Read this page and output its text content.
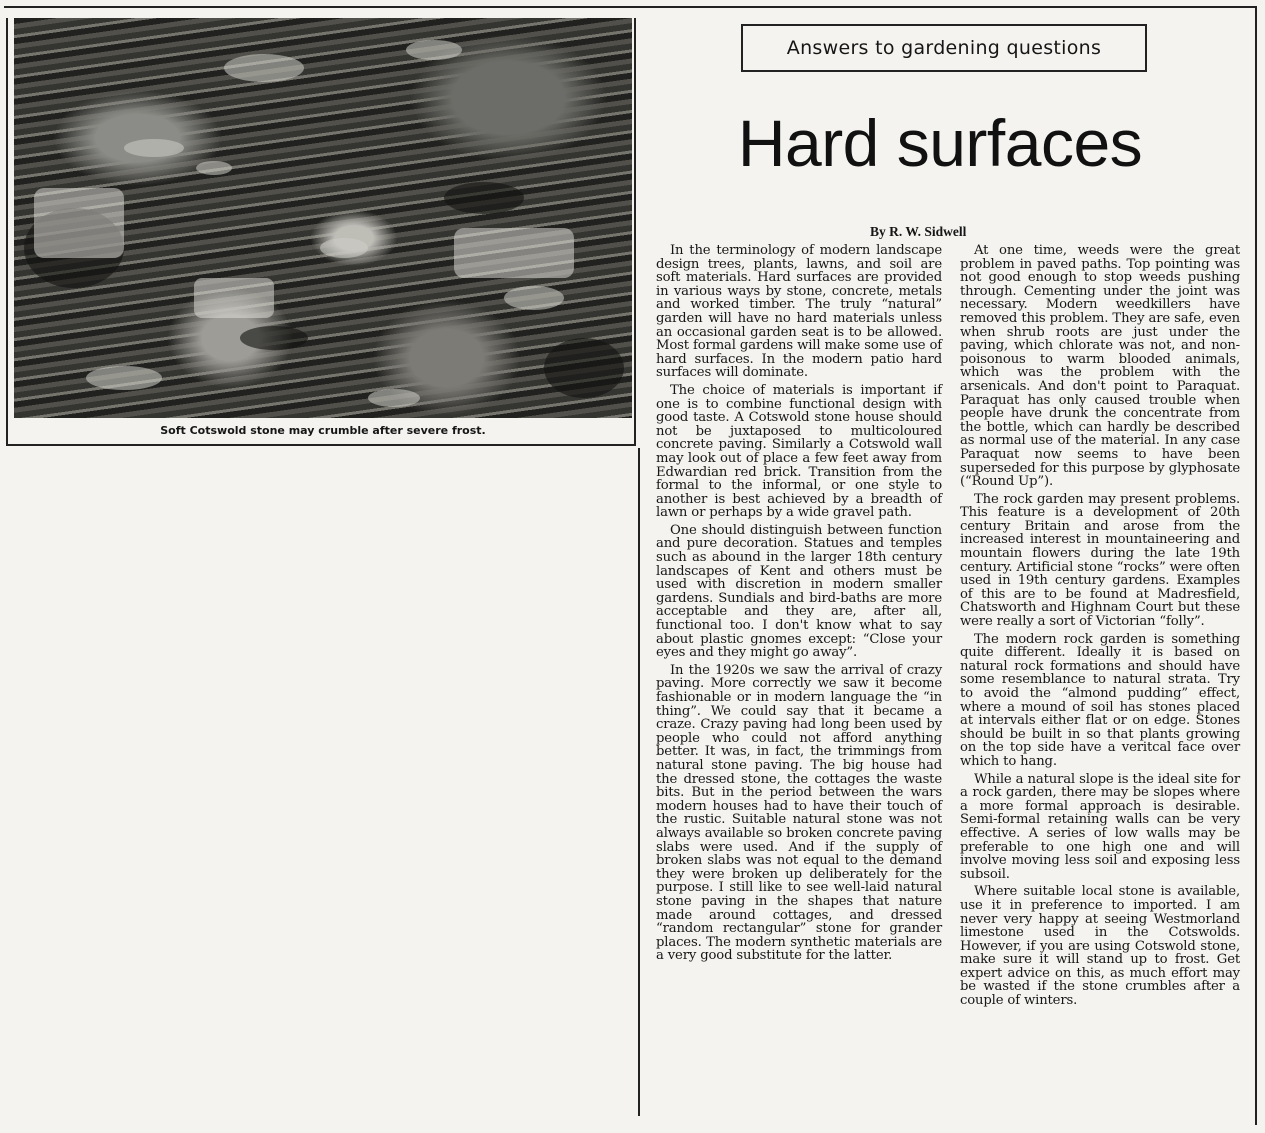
Soft Cotswold stone may crumble after severe frost.
Answers to gardening questions
Hard surfaces
By R. W. Sidwell

In the terminology of modern landscape design trees, plants, lawns, and soil are soft materials. Hard surfaces are provided in various ways by stone, concrete, metals and worked timber. The truly “natural” garden will have no hard materials unless an occasional garden seat is to be allowed. Most formal gardens will make some use of hard surfaces. In the modern patio hard surfaces will dominate.

The choice of materials is important if one is to combine functional design with good taste. A Cotswold stone house should not be juxtaposed to multicoloured concrete paving. Similarly a Cotswold wall may look out of place a few feet away from Edwardian red brick. Transition from the formal to the informal, or one style to another is best achieved by a breadth of lawn or perhaps by a wide gravel path.

One should distinguish between function and pure decoration. Statues and temples such as abound in the larger 18th century landscapes of Kent and others must be used with discretion in modern smaller gardens. Sundials and bird-baths are more acceptable and they are, after all, functional too. I don't know what to say about plastic gnomes except: “Close your eyes and they might go away”.

In the 1920s we saw the arrival of crazy paving. More correctly we saw it become fashionable or in modern language the “in thing”. We could say that it became a craze. Crazy paving had long been used by people who could not afford anything better. It was, in fact, the trimmings from natural stone paving. The big house had the dressed stone, the cottages the waste bits. But in the period between the wars modern houses had to have their touch of the rustic. Suitable natural stone was not always available so broken concrete paving slabs were used. And if the supply of broken slabs was not equal to the demand they were broken up deliberately for the purpose. I still like to see well-laid natural stone paving in the shapes that nature made around cottages, and dressed “random rectangular” stone for grander places. The modern synthetic materials are a very good substitute for the latter.

At one time, weeds were the great problem in paved paths. Top pointing was not good enough to stop weeds pushing through. Cementing under the joint was necessary. Modern weedkillers have removed this problem. They are safe, even when shrub roots are just under the paving, which chlorate was not, and non-poisonous to warm blooded animals, which was the problem with the arsenicals. And don't point to Paraquat. Paraquat has only caused trouble when people have drunk the concentrate from the bottle, which can hardly be described as normal use of the material. In any case Paraquat now seems to have been superseded for this purpose by glyphosate (“Round Up”).

The rock garden may present problems. This feature is a development of 20th century Britain and arose from the increased interest in mountaineering and mountain flowers during the late 19th century. Artificial stone “rocks” were often used in 19th century gardens. Examples of this are to be found at Madresfield, Chatsworth and Highnam Court but these were really a sort of Victorian “folly”.

The modern rock garden is something quite different. Ideally it is based on natural rock formations and should have some resemblance to natural strata. Try to avoid the “almond pudding” effect, where a mound of soil has stones placed at intervals either flat or on edge. Stones should be built in so that plants growing on the top side have a veritcal face over which to hang.

While a natural slope is the ideal site for a rock garden, there may be slopes where a more formal approach is desirable. Semi-formal retaining walls can be very effective. A series of low walls may be preferable to one high one and will involve moving less soil and exposing less subsoil.

Where suitable local stone is available, use it in preference to imported. I am never very happy at seeing Westmorland limestone used in the Cotswolds. However, if you are using Cotswold stone, make sure it will stand up to frost. Get expert advice on this, as much effort may be wasted if the stone crumbles after a couple of winters.
